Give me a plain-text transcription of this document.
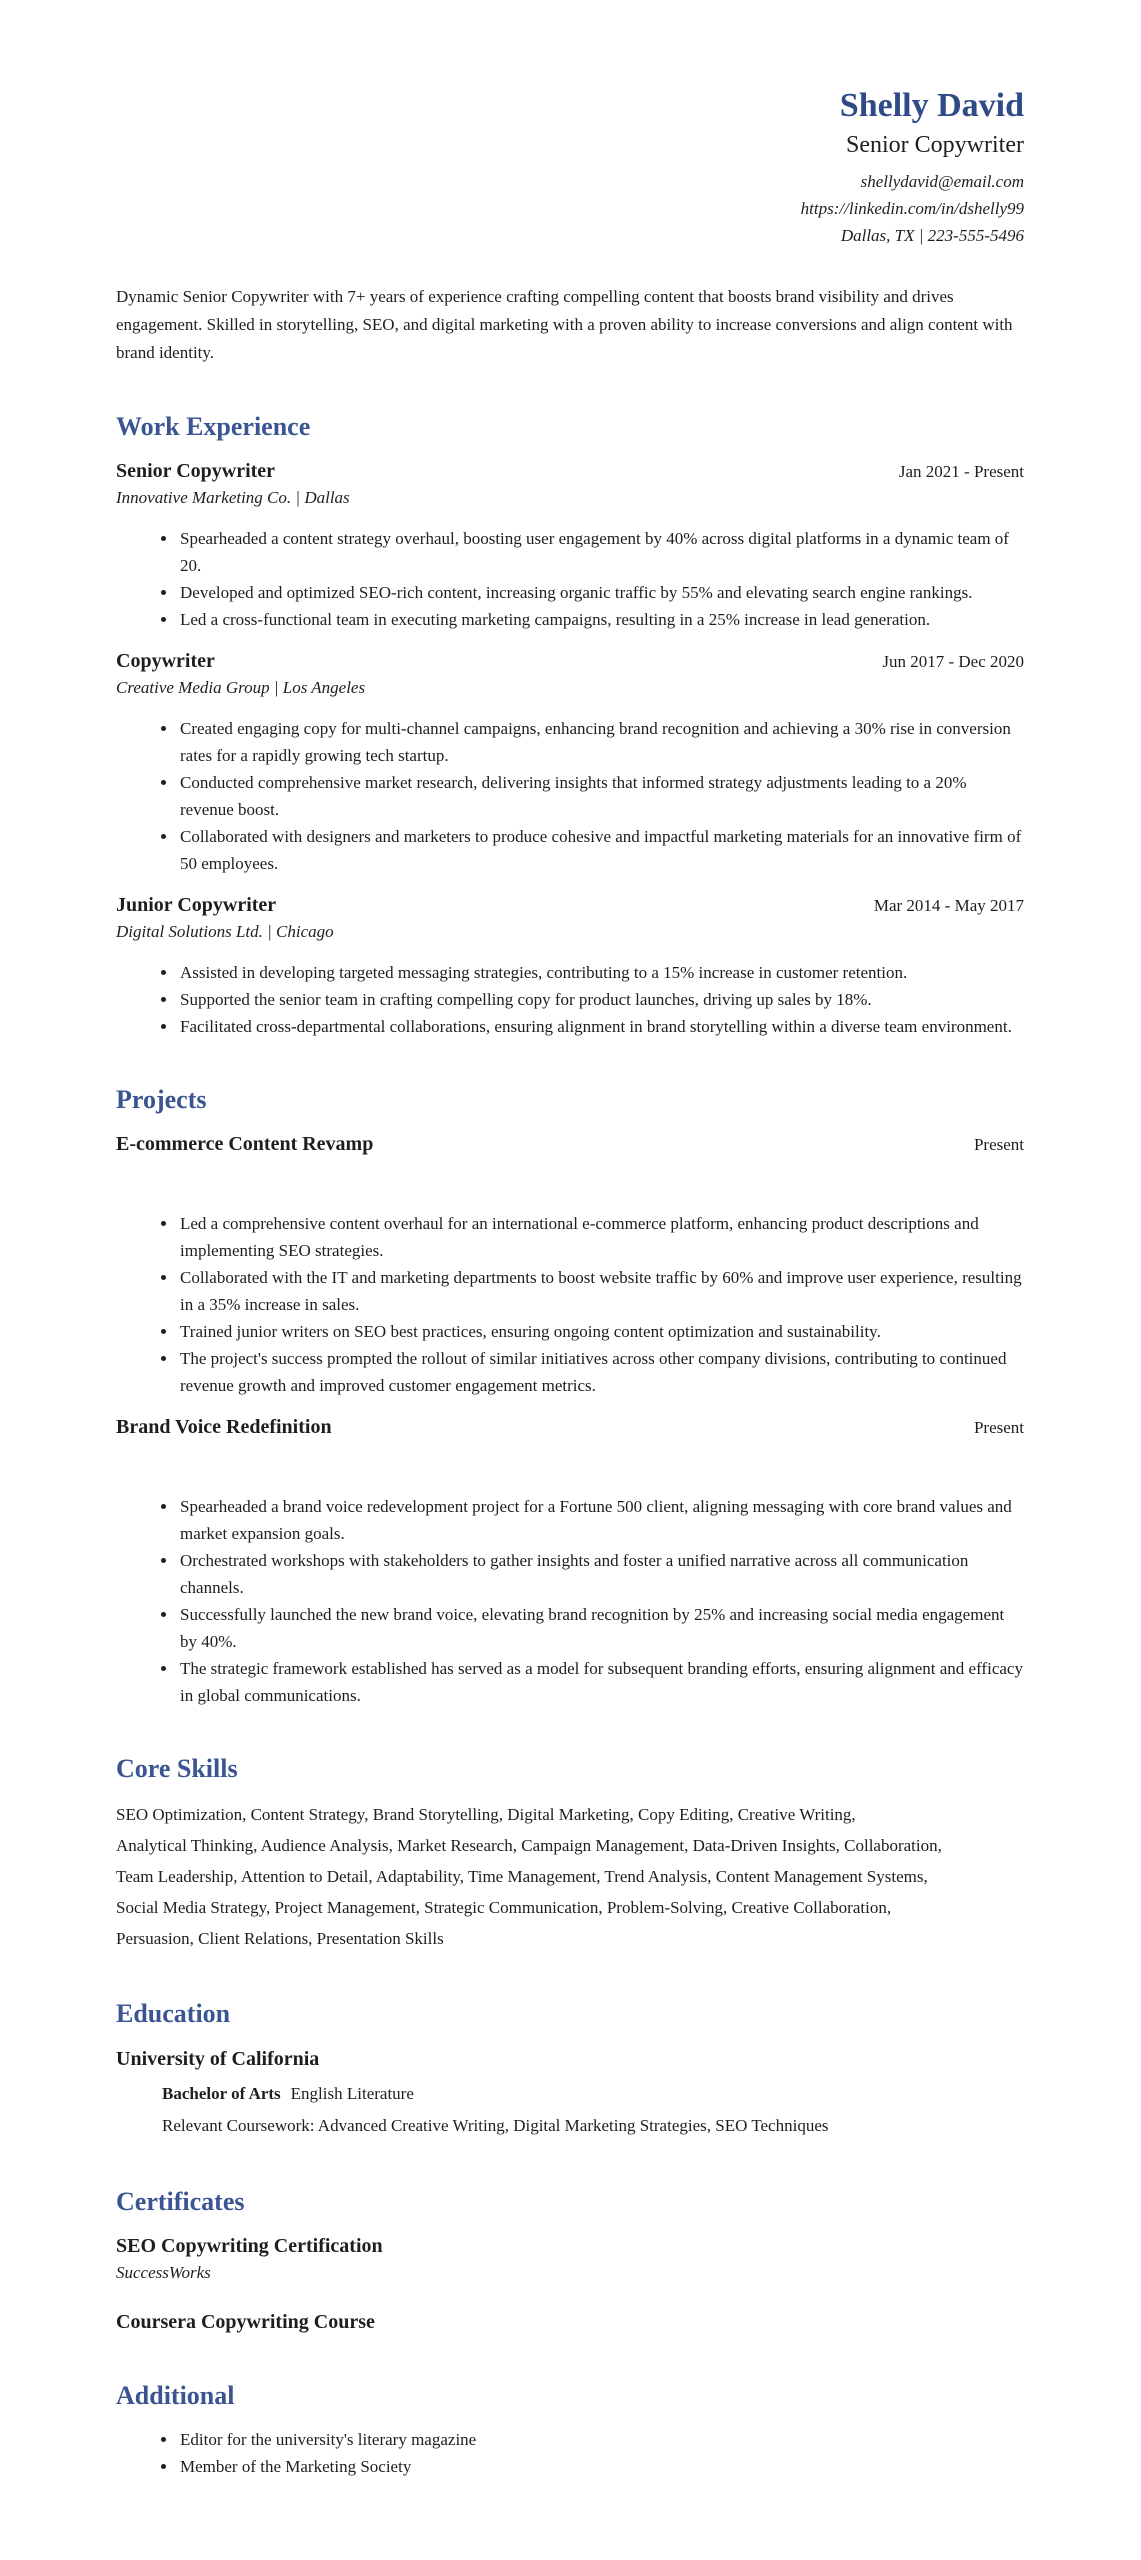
Shelly David

Senior Copywriter

shellydavid@email.com

https://linkedin.com/in/dshelly99

Dallas, TX | 223-555-5496

Dynamic Senior Copywriter with 7+ years of experience crafting compelling content that boosts brand visibility and drives engagement. Skilled in storytelling, SEO, and digital marketing with a proven ability to increase conversions and align content with brand identity.
Work Experience
Senior Copywriter	Jan 2021 - Present
Innovative Marketing Co. | Dallas
• Spearheaded a content strategy overhaul, boosting user engagement by 40% across digital platforms in a dynamic team of 20.
• Developed and optimized SEO-rich content, increasing organic traffic by 55% and elevating search engine rankings.
• Led a cross-functional team in executing marketing campaigns, resulting in a 25% increase in lead generation.
Copywriter	Jun 2017 - Dec 2020
Creative Media Group | Los Angeles
• Created engaging copy for multi-channel campaigns, enhancing brand recognition and achieving a 30% rise in conversion rates for a rapidly growing tech startup.
• Conducted comprehensive market research, delivering insights that informed strategy adjustments leading to a 20% revenue boost.
• Collaborated with designers and marketers to produce cohesive and impactful marketing materials for an innovative firm of 50 employees.
Junior Copywriter	Mar 2014 - May 2017
Digital Solutions Ltd. | Chicago
• Assisted in developing targeted messaging strategies, contributing to a 15% increase in customer retention.
• Supported the senior team in crafting compelling copy for product launches, driving up sales by 18%.
• Facilitated cross-departmental collaborations, ensuring alignment in brand storytelling within a diverse team environment.
Projects
E-commerce Content Revamp	Present
• Led a comprehensive content overhaul for an international e-commerce platform, enhancing product descriptions and implementing SEO strategies.
• Collaborated with the IT and marketing departments to boost website traffic by 60% and improve user experience, resulting in a 35% increase in sales.
• Trained junior writers on SEO best practices, ensuring ongoing content optimization and sustainability.
• The project's success prompted the rollout of similar initiatives across other company divisions, contributing to continued revenue growth and improved customer engagement metrics.
Brand Voice Redefinition	Present
• Spearheaded a brand voice redevelopment project for a Fortune 500 client, aligning messaging with core brand values and market expansion goals.
• Orchestrated workshops with stakeholders to gather insights and foster a unified narrative across all communication channels.
• Successfully launched the new brand voice, elevating brand recognition by 25% and increasing social media engagement by 40%.
• The strategic framework established has served as a model for subsequent branding efforts, ensuring alignment and efficacy in global communications.
Core Skills
SEO Optimization, Content Strategy, Brand Storytelling, Digital Marketing, Copy Editing, Creative Writing,
Analytical Thinking, Audience Analysis, Market Research, Campaign Management, Data-Driven Insights, Collaboration,
Team Leadership, Attention to Detail, Adaptability, Time Management, Trend Analysis, Content Management Systems,
Social Media Strategy, Project Management, Strategic Communication, Problem-Solving, Creative Collaboration,
Persuasion, Client Relations, Presentation Skills
Education
University of California
Bachelor of Arts English Literature
Relevant Coursework: Advanced Creative Writing, Digital Marketing Strategies, SEO Techniques
Certificates
SEO Copywriting Certification
SuccessWorks
Coursera Copywriting Course
Additional
• Editor for the university's literary magazine
• Member of the Marketing Society
